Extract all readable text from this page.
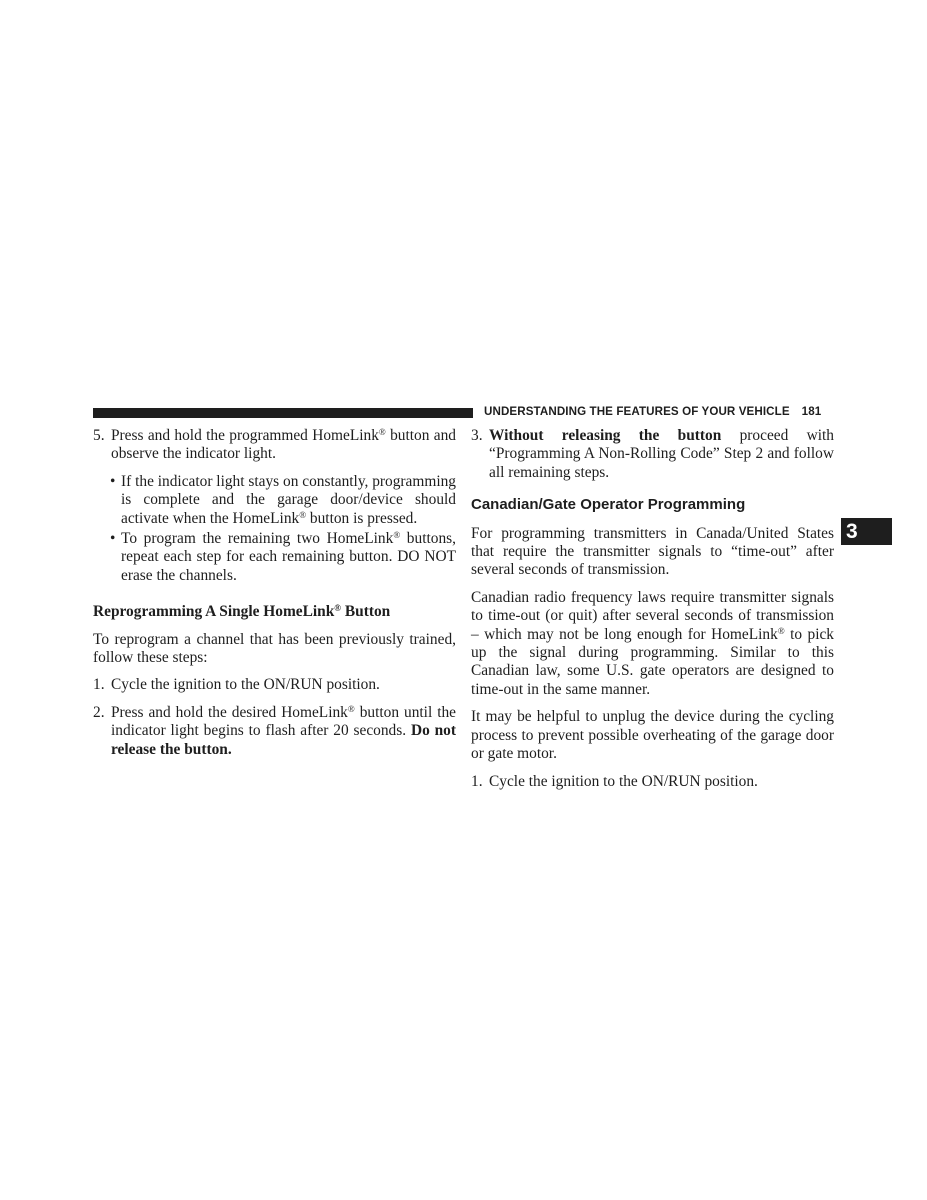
UNDERSTANDING THE FEATURES OF YOUR VEHICLE 181
3

5. Press and hold the programmed HomeLink® button and observe the indicator light.

• If the indicator light stays on constantly, programming is complete and the garage door/device should activate when the HomeLink® button is pressed.

• To program the remaining two HomeLink® buttons, repeat each step for each remaining button. DO NOT erase the channels.

Reprogramming A Single HomeLink® Button

To reprogram a channel that has been previously trained, follow these steps:

1. Cycle the ignition to the ON/RUN position.

2. Press and hold the desired HomeLink® button until the indicator light begins to flash after 20 seconds. Do not release the button.

3. Without releasing the button proceed with “Programming A Non-Rolling Code” Step 2 and follow all remaining steps.

Canadian/Gate Operator Programming

For programming transmitters in Canada/United States that require the transmitter signals to “time-out” after several seconds of transmission.

Canadian radio frequency laws require transmitter signals to time-out (or quit) after several seconds of transmission – which may not be long enough for HomeLink® to pick up the signal during programming. Similar to this Canadian law, some U.S. gate operators are designed to time-out in the same manner.

It may be helpful to unplug the device during the cycling process to prevent possible overheating of the garage door or gate motor.

1. Cycle the ignition to the ON/RUN position.
